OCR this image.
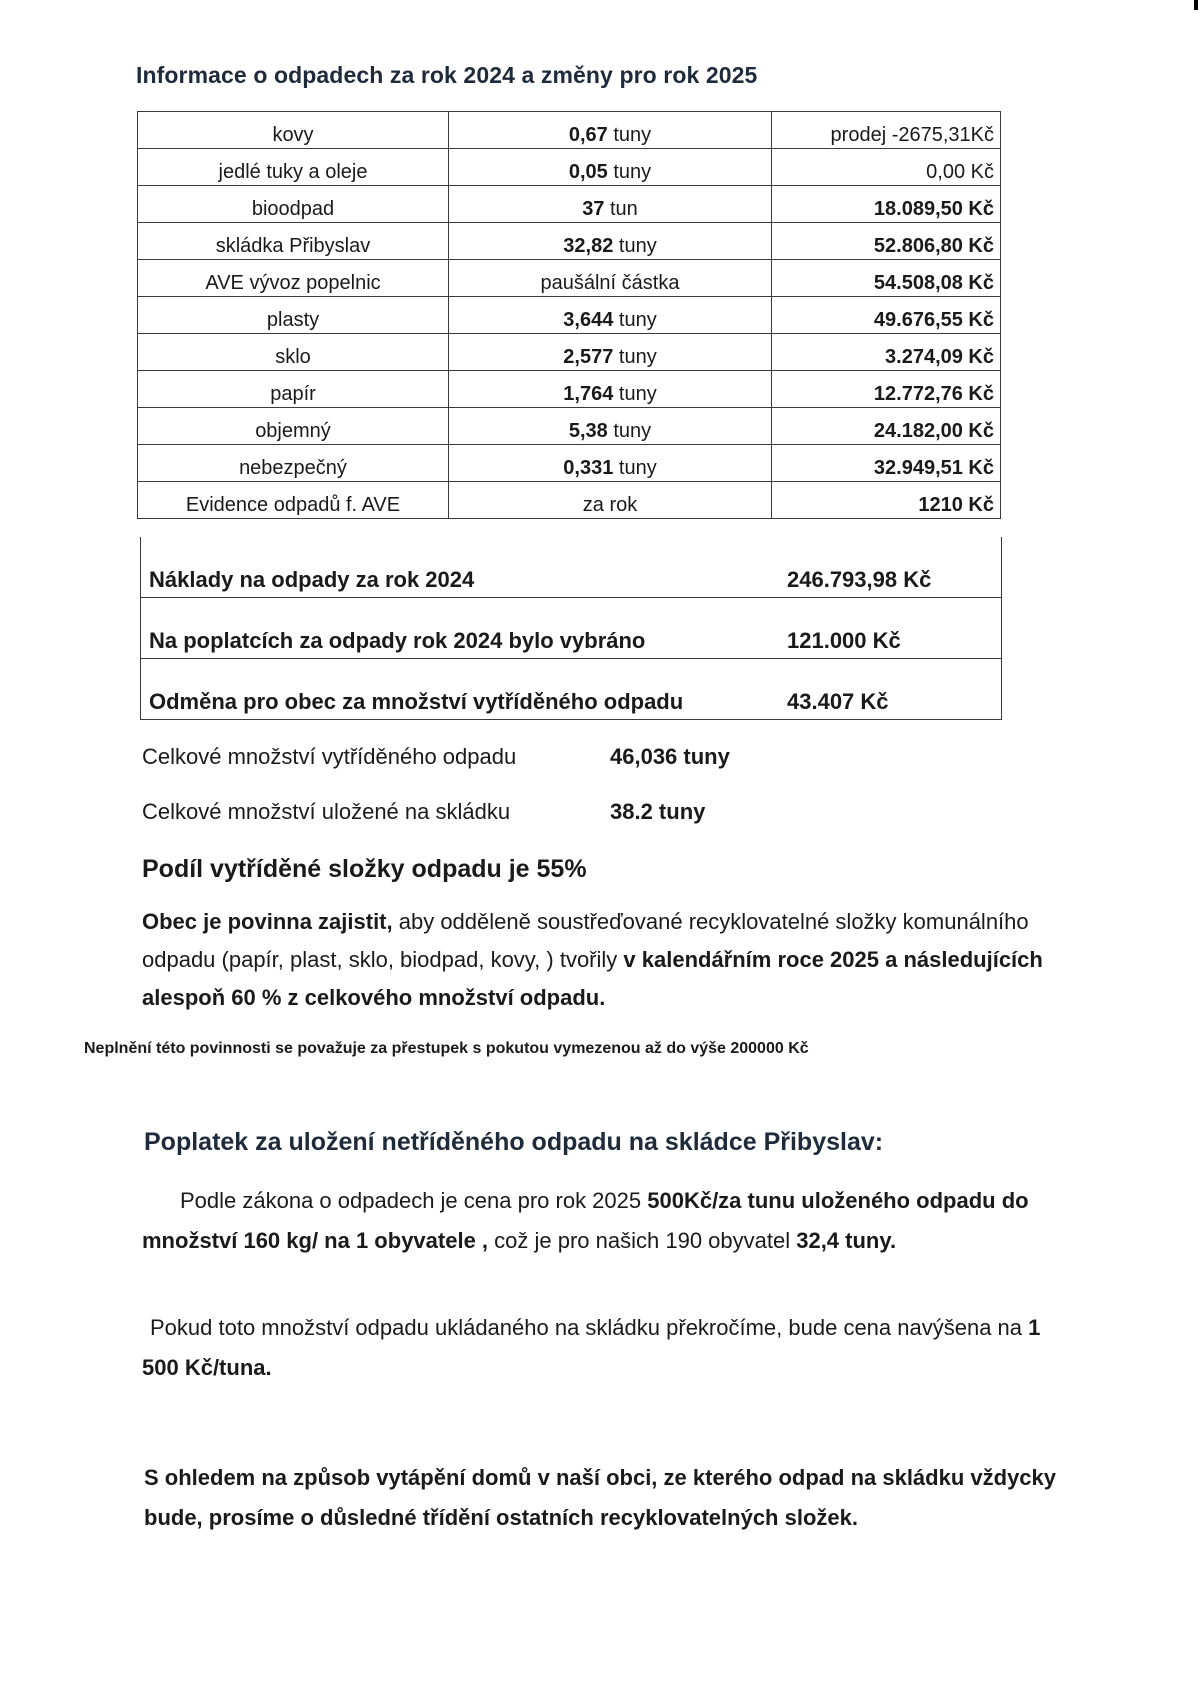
Informace o odpadech za rok 2024 a změny pro rok 2025
kovy	0,67 tuny	prodej -2675,31Kč
jedlé tuky a oleje	0,05 tuny	0,00 Kč
bioodpad	37 tun	18.089,50 Kč
skládka Přibyslav	32,82 tuny	52.806,80 Kč
AVE vývoz popelnic	paušální částka	54.508,08 Kč
plasty	3,644 tuny	49.676,55 Kč
sklo	2,577 tuny	3.274,09 Kč
papír	1,764 tuny	12.772,76 Kč
objemný	5,38 tuny	24.182,00 Kč
nebezpečný	0,331 tuny	32.949,51 Kč
Evidence odpadů f. AVE	za rok	1210 Kč
Náklady na odpady za rok 2024	246.793,98 Kč
Na poplatcích za odpady rok 2024 bylo vybráno	121.000 Kč
Odměna pro obec za množství vytříděného odpadu	43.407 Kč
Celkové množství vytříděného odpadu	46,036 tuny
Celkové množství uložené na skládku	38.2 tuny
Podíl vytříděné složky odpadu je 55%
Obec je povinna zajistit, aby odděleně soustřeďované recyklovatelné složky komunálního odpadu (papír, plast, sklo, biodpad, kovy, ) tvořily v kalendářním roce 2025 a následujících alespoň 60 % z celkového množství odpadu.
Neplnění této povinnosti se považuje za přestupek s pokutou vymezenou až do výše 200000 Kč
Poplatek za uložení netříděného odpadu na skládce Přibyslav:
Podle zákona o odpadech je cena pro rok 2025 500Kč/za tunu uloženého odpadu do množství 160 kg/ na 1 obyvatele , což je pro našich 190 obyvatel 32,4 tuny.
Pokud toto množství odpadu ukládaného na skládku překročíme, bude cena navýšena na 1 500 Kč/tuna.
S ohledem na způsob vytápění domů v naší obci, ze kterého odpad na skládku vždycky bude, prosíme o důsledné třídění ostatních recyklovatelných složek.
